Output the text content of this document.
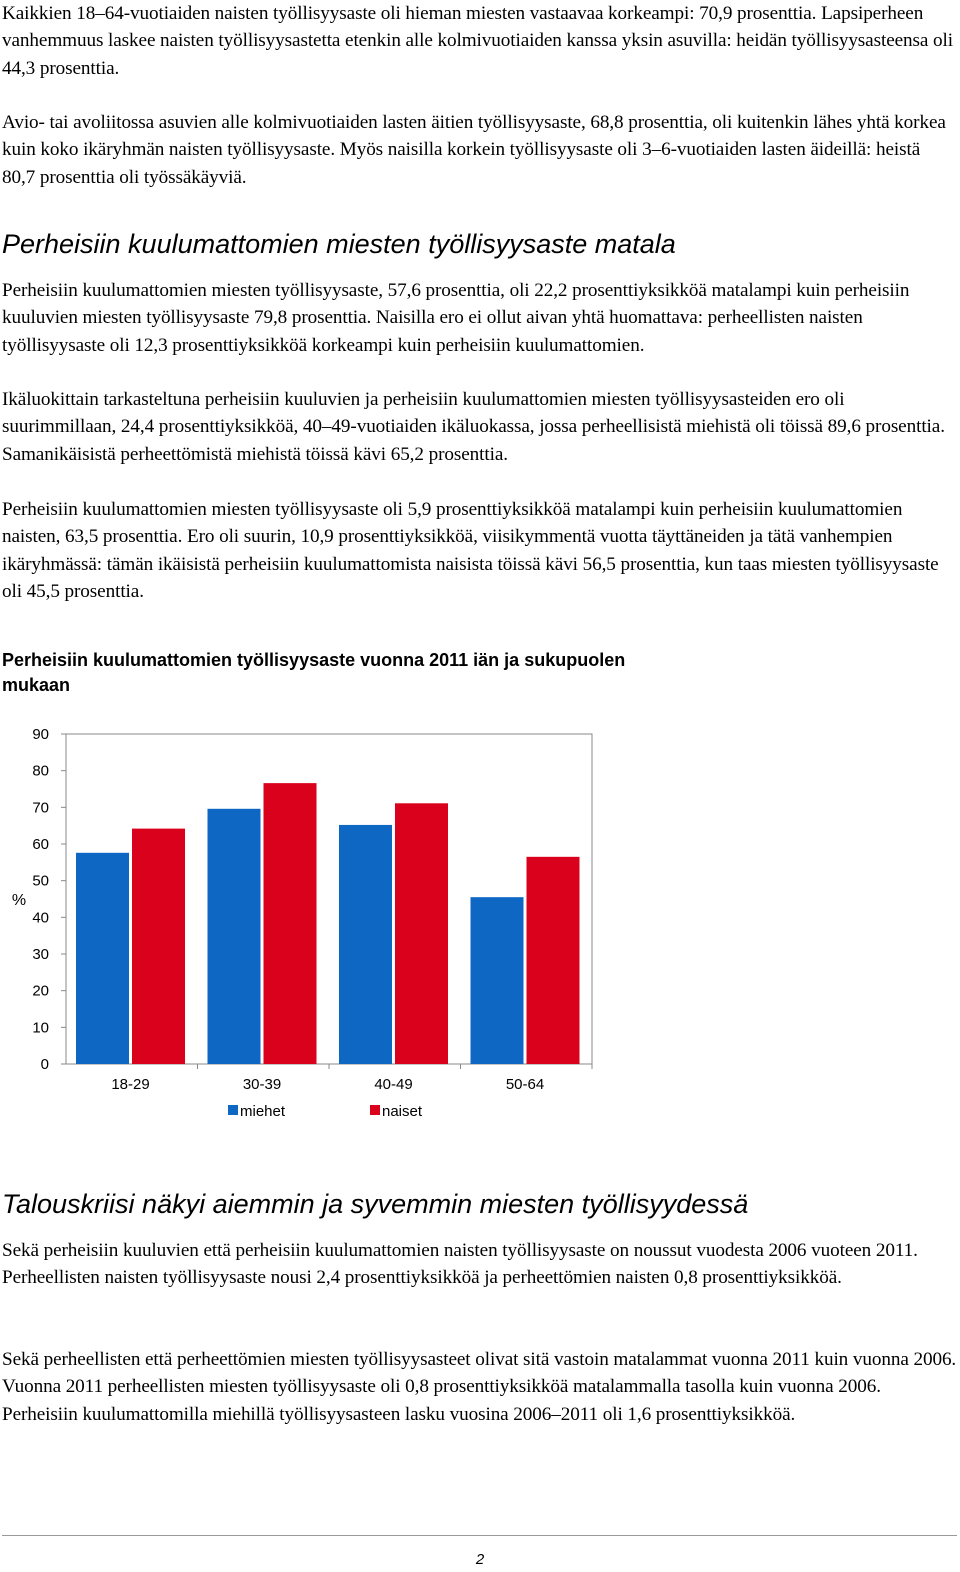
Kaikkien 18–64-vuotiaiden naisten työllisyysaste oli hieman miesten vastaavaa korkeampi: 70,9 prosenttia. Lapsiperheen vanhemmuus laskee naisten työllisyysastetta etenkin alle kolmivuotiaiden kanssa yksin asuvilla: heidän työllisyysasteensa oli 44,3 prosenttia.

Avio- tai avoliitossa asuvien alle kolmivuotiaiden lasten äitien työllisyysaste, 68,8 prosenttia, oli kuitenkin lähes yhtä korkea kuin koko ikäryhmän naisten työllisyysaste. Myös naisilla korkein työllisyysaste oli 3–6-vuotiaiden lasten äideillä: heistä 80,7 prosenttia oli työssäkäyviä.

Perheisiin kuulumattomien miesten työllisyysaste matala

Perheisiin kuulumattomien miesten työllisyysaste, 57,6 prosenttia, oli 22,2 prosenttiyksikköä matalampi kuin perheisiin kuuluvien miesten työllisyysaste 79,8 prosenttia. Naisilla ero ei ollut aivan yhtä huomattava: perheellisten naisten työllisyysaste oli 12,3 prosenttiyksikköä korkeampi kuin perheisiin kuulumattomien.

Ikäluokittain tarkasteltuna perheisiin kuuluvien ja perheisiin kuulumattomien miesten työllisyysasteiden ero oli suurimmillaan, 24,4 prosenttiyksikköä, 40–49-vuotiaiden ikäluokassa, jossa perheellisistä miehistä oli töissä 89,6 prosenttia. Samanikäisistä perheettömistä miehistä töissä kävi 65,2 prosenttia.

Perheisiin kuulumattomien miesten työllisyysaste oli 5,9 prosenttiyksikköä matalampi kuin perheisiin kuulumattomien naisten, 63,5 prosenttia. Ero oli suurin, 10,9 prosenttiyksikköä, viisikymmentä vuotta täyttäneiden ja tätä vanhempien ikäryhmässä: tämän ikäisistä perheisiin kuulumattomista naisista töissä kävi 56,5 prosenttia, kun taas miesten työllisyysaste oli 45,5 prosenttia.

Perheisiin kuulumattomien työllisyysaste vuonna 2011 iän ja sukupuolen mukaan
0
10
20
30
40
50
60
70
80
90
18-29	30-39	40-49	50-64
%
miehet	naiset
Talouskriisi näkyi aiemmin ja syvemmin miesten työllisyydessä

Sekä perheisiin kuuluvien että perheisiin kuulumattomien naisten työllisyysaste on noussut vuodesta 2006 vuoteen 2011. Perheellisten naisten työllisyysaste nousi 2,4 prosenttiyksikköä ja perheettömien naisten 0,8 prosenttiyksikköä.

Sekä perheellisten että perheettömien miesten työllisyysasteet olivat sitä vastoin matalammat vuonna 2011 kuin vuonna 2006. Vuonna 2011 perheellisten miesten työllisyysaste oli 0,8 prosenttiyksikköä matalammalla tasolla kuin vuonna 2006. Perheisiin kuulumattomilla miehillä työllisyysasteen lasku vuosina 2006–2011 oli 1,6 prosenttiyksikköä.

2
